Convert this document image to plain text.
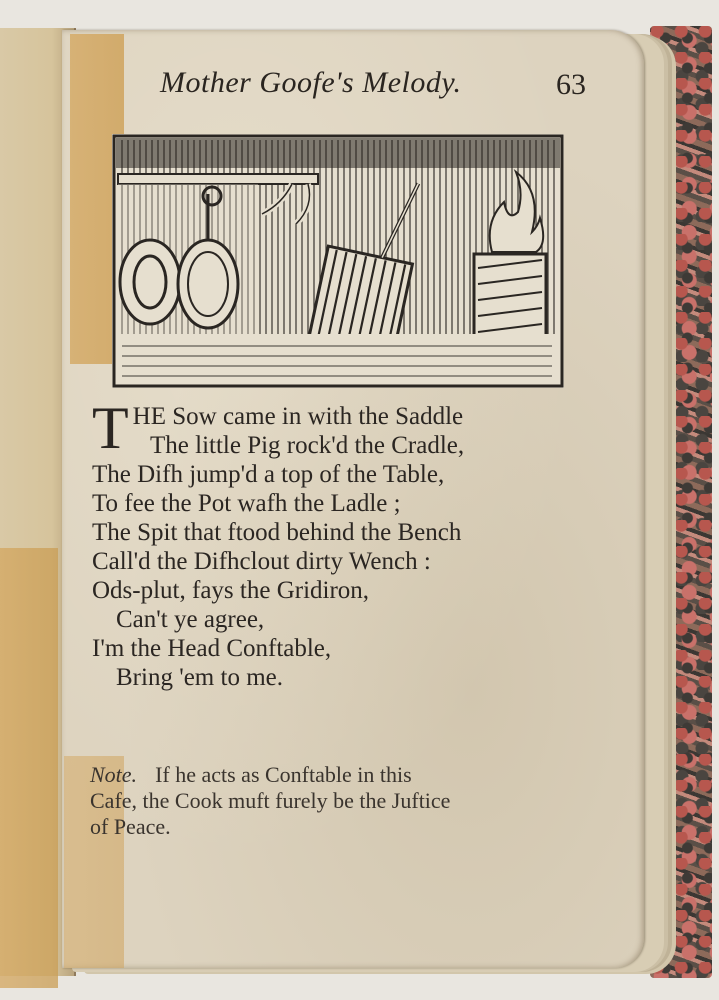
Mother Goofe's Melody.	63
T HE Sow came in with the Saddle
The little Pig rock'd the Cradle,
The Difh jump'd a top of the Table,
To fee the Pot wafh the Ladle ;
The Spit that ftood behind the Bench
Call'd the Difhclout dirty Wench :
Ods-plut, fays the Gridiron,
Can't ye agree,
I'm the Head Conftable,
Bring 'em to me.
Note. If he acts as Conftable in this
Cafe, the Cook muft furely be the Juftice
of Peace.
